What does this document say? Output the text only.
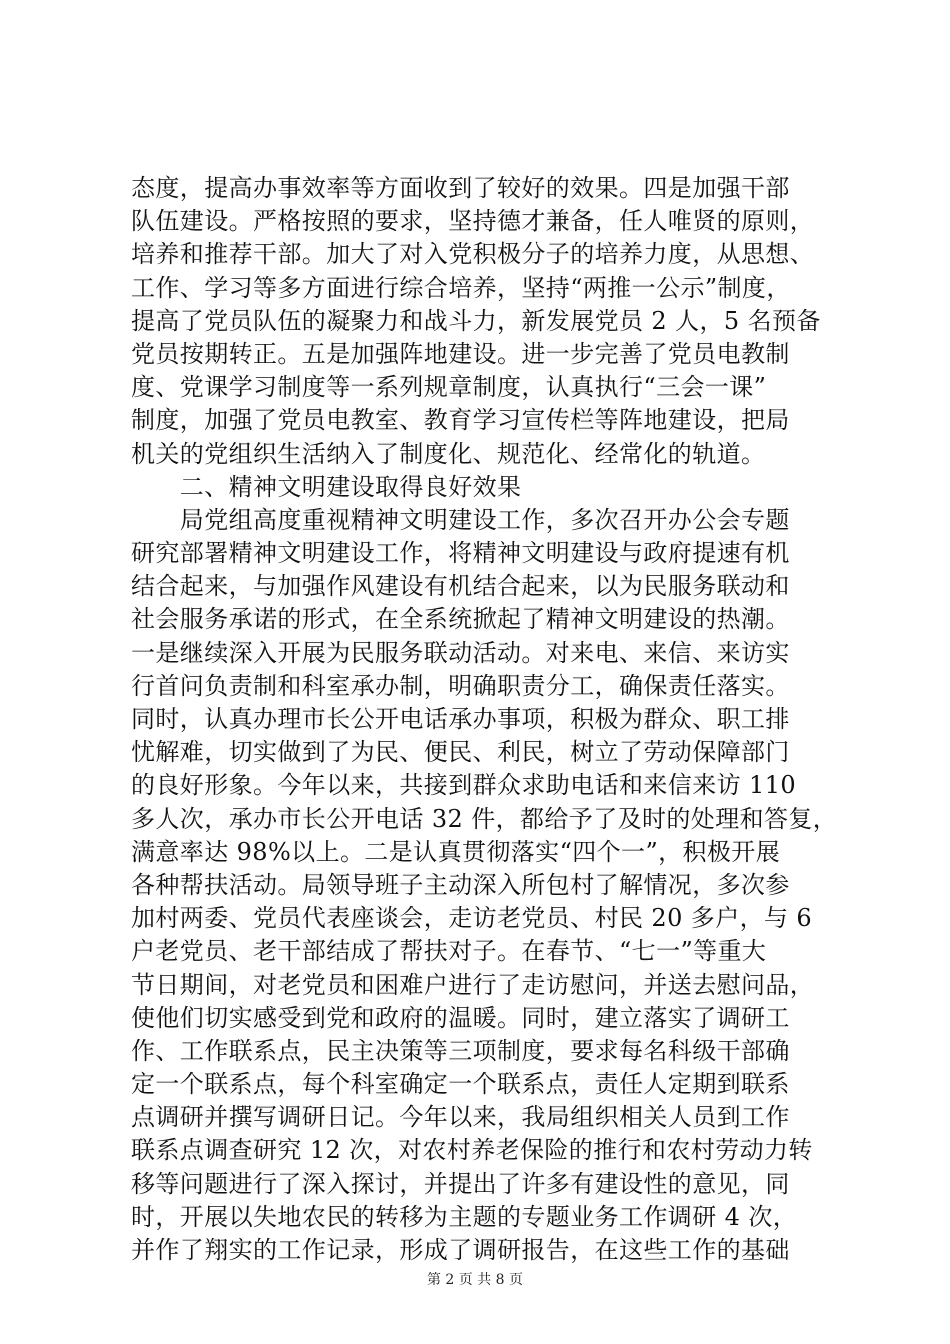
态度，提高办事效率等方面收到了较好的效果。四是加强干部
队伍建设。严格按照的要求，坚持德才兼备，任人唯贤的原则，
培养和推荐干部。加大了对入党积极分子的培养力度，从思想、
工作、学习等多方面进行综合培养，坚持“两推一公示”制度，
提高了党员队伍的凝聚力和战斗力，新发展党员 2 人，5 名预备
党员按期转正。五是加强阵地建设。进一步完善了党员电教制
度、党课学习制度等一系列规章制度，认真执行“三会一课”
制度，加强了党员电教室、教育学习宣传栏等阵地建设，把局
机关的党组织生活纳入了制度化、规范化、经常化的轨道。
　　二、精神文明建设取得良好效果
　　局党组高度重视精神文明建设工作，多次召开办公会专题
研究部署精神文明建设工作，将精神文明建设与政府提速有机
结合起来，与加强作风建设有机结合起来，以为民服务联动和
社会服务承诺的形式，在全系统掀起了精神文明建设的热潮。
一是继续深入开展为民服务联动活动。对来电、来信、来访实
行首问负责制和科室承办制，明确职责分工，确保责任落实。
同时，认真办理市长公开电话承办事项，积极为群众、职工排
忧解难，切实做到了为民、便民、利民，树立了劳动保障部门
的良好形象。今年以来，共接到群众求助电话和来信来访 110
多人次，承办市长公开电话 32 件，都给予了及时的处理和答复，
满意率达 98%以上。二是认真贯彻落实“四个一”，积极开展
各种帮扶活动。局领导班子主动深入所包村了解情况，多次参
加村两委、党员代表座谈会，走访老党员、村民 20 多户，与 6
户老党员、老干部结成了帮扶对子。在春节、“七一”等重大
节日期间，对老党员和困难户进行了走访慰问，并送去慰问品，
使他们切实感受到党和政府的温暖。同时，建立落实了调研工
作、工作联系点，民主决策等三项制度，要求每名科级干部确
定一个联系点，每个科室确定一个联系点，责任人定期到联系
点调研并撰写调研日记。今年以来，我局组织相关人员到工作
联系点调查研究 12 次，对农村养老保险的推行和农村劳动力转
移等问题进行了深入探讨，并提出了许多有建设性的意见，同
时，开展以失地农民的转移为主题的专题业务工作调研 4 次，
并作了翔实的工作记录，形成了调研报告，在这些工作的基础
第 2 页 共 8 页
